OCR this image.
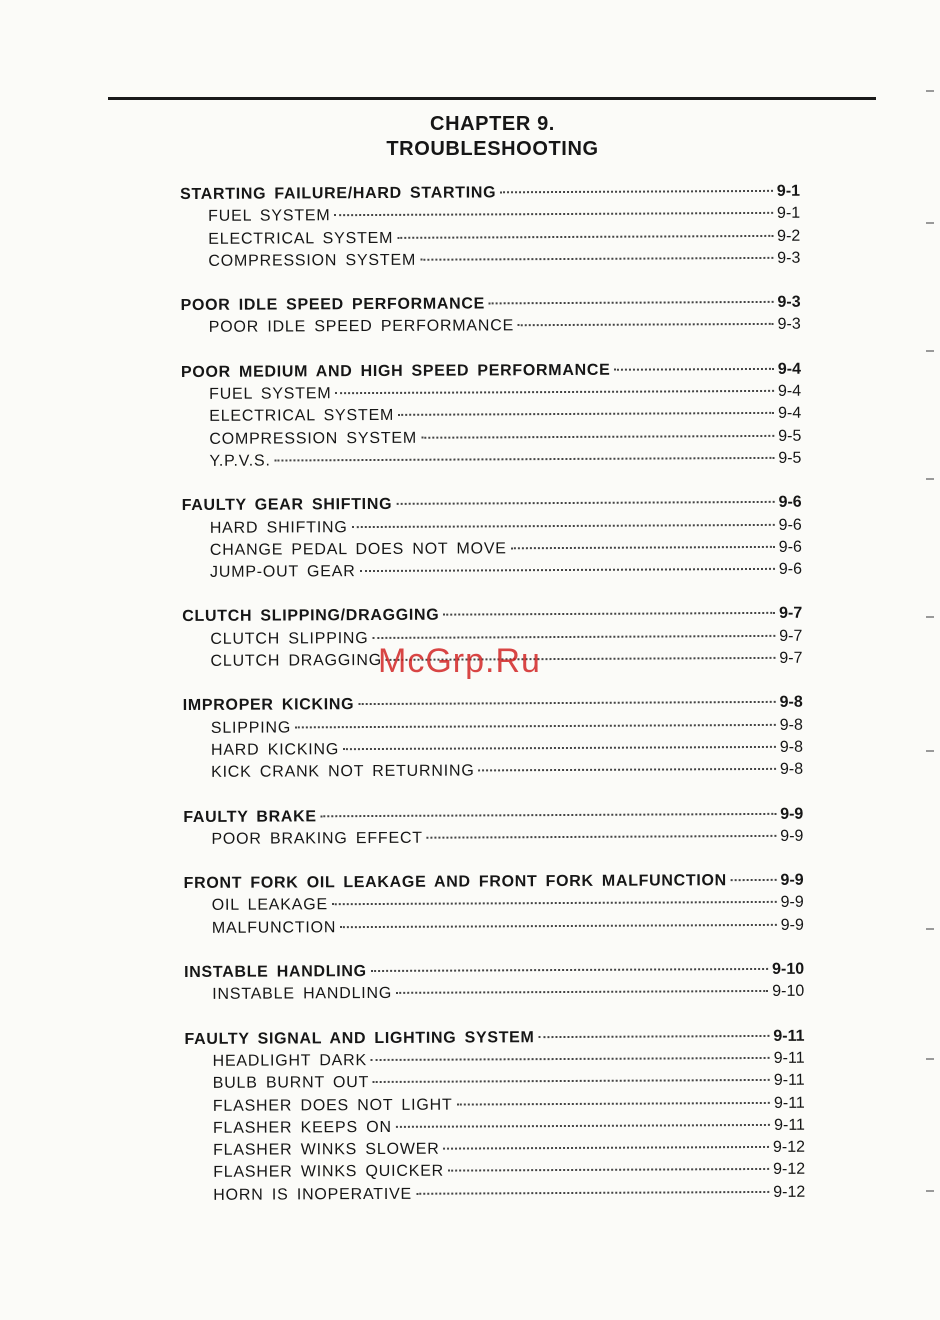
CHAPTER 9.
TROUBLESHOOTING
STARTING FAILURE/HARD STARTING	9-1
FUEL SYSTEM	9-1
ELECTRICAL SYSTEM	9-2
COMPRESSION SYSTEM	9-3
POOR IDLE SPEED PERFORMANCE	9-3
POOR IDLE SPEED PERFORMANCE	9-3
POOR MEDIUM AND HIGH SPEED PERFORMANCE	9-4
FUEL SYSTEM	9-4
ELECTRICAL SYSTEM	9-4
COMPRESSION SYSTEM	9-5
Y.P.V.S.	9-5
FAULTY GEAR SHIFTING	9-6
HARD SHIFTING	9-6
CHANGE PEDAL DOES NOT MOVE	9-6
JUMP-OUT GEAR	9-6
CLUTCH SLIPPING/DRAGGING	9-7
CLUTCH SLIPPING	9-7
CLUTCH DRAGGING	9-7
IMPROPER KICKING	9-8
SLIPPING	9-8
HARD KICKING	9-8
KICK CRANK NOT RETURNING	9-8
FAULTY BRAKE	9-9
POOR BRAKING EFFECT	9-9
FRONT FORK OIL LEAKAGE AND FRONT FORK MALFUNCTION	9-9
OIL LEAKAGE	9-9
MALFUNCTION	9-9
INSTABLE HANDLING	9-10
INSTABLE HANDLING	9-10
FAULTY SIGNAL AND LIGHTING SYSTEM	9-11
HEADLIGHT DARK	9-11
BULB BURNT OUT	9-11
FLASHER DOES NOT LIGHT	9-11
FLASHER KEEPS ON	9-11
FLASHER WINKS SLOWER	9-12
FLASHER WINKS QUICKER	9-12
HORN IS INOPERATIVE	9-12
McGrp.Ru
